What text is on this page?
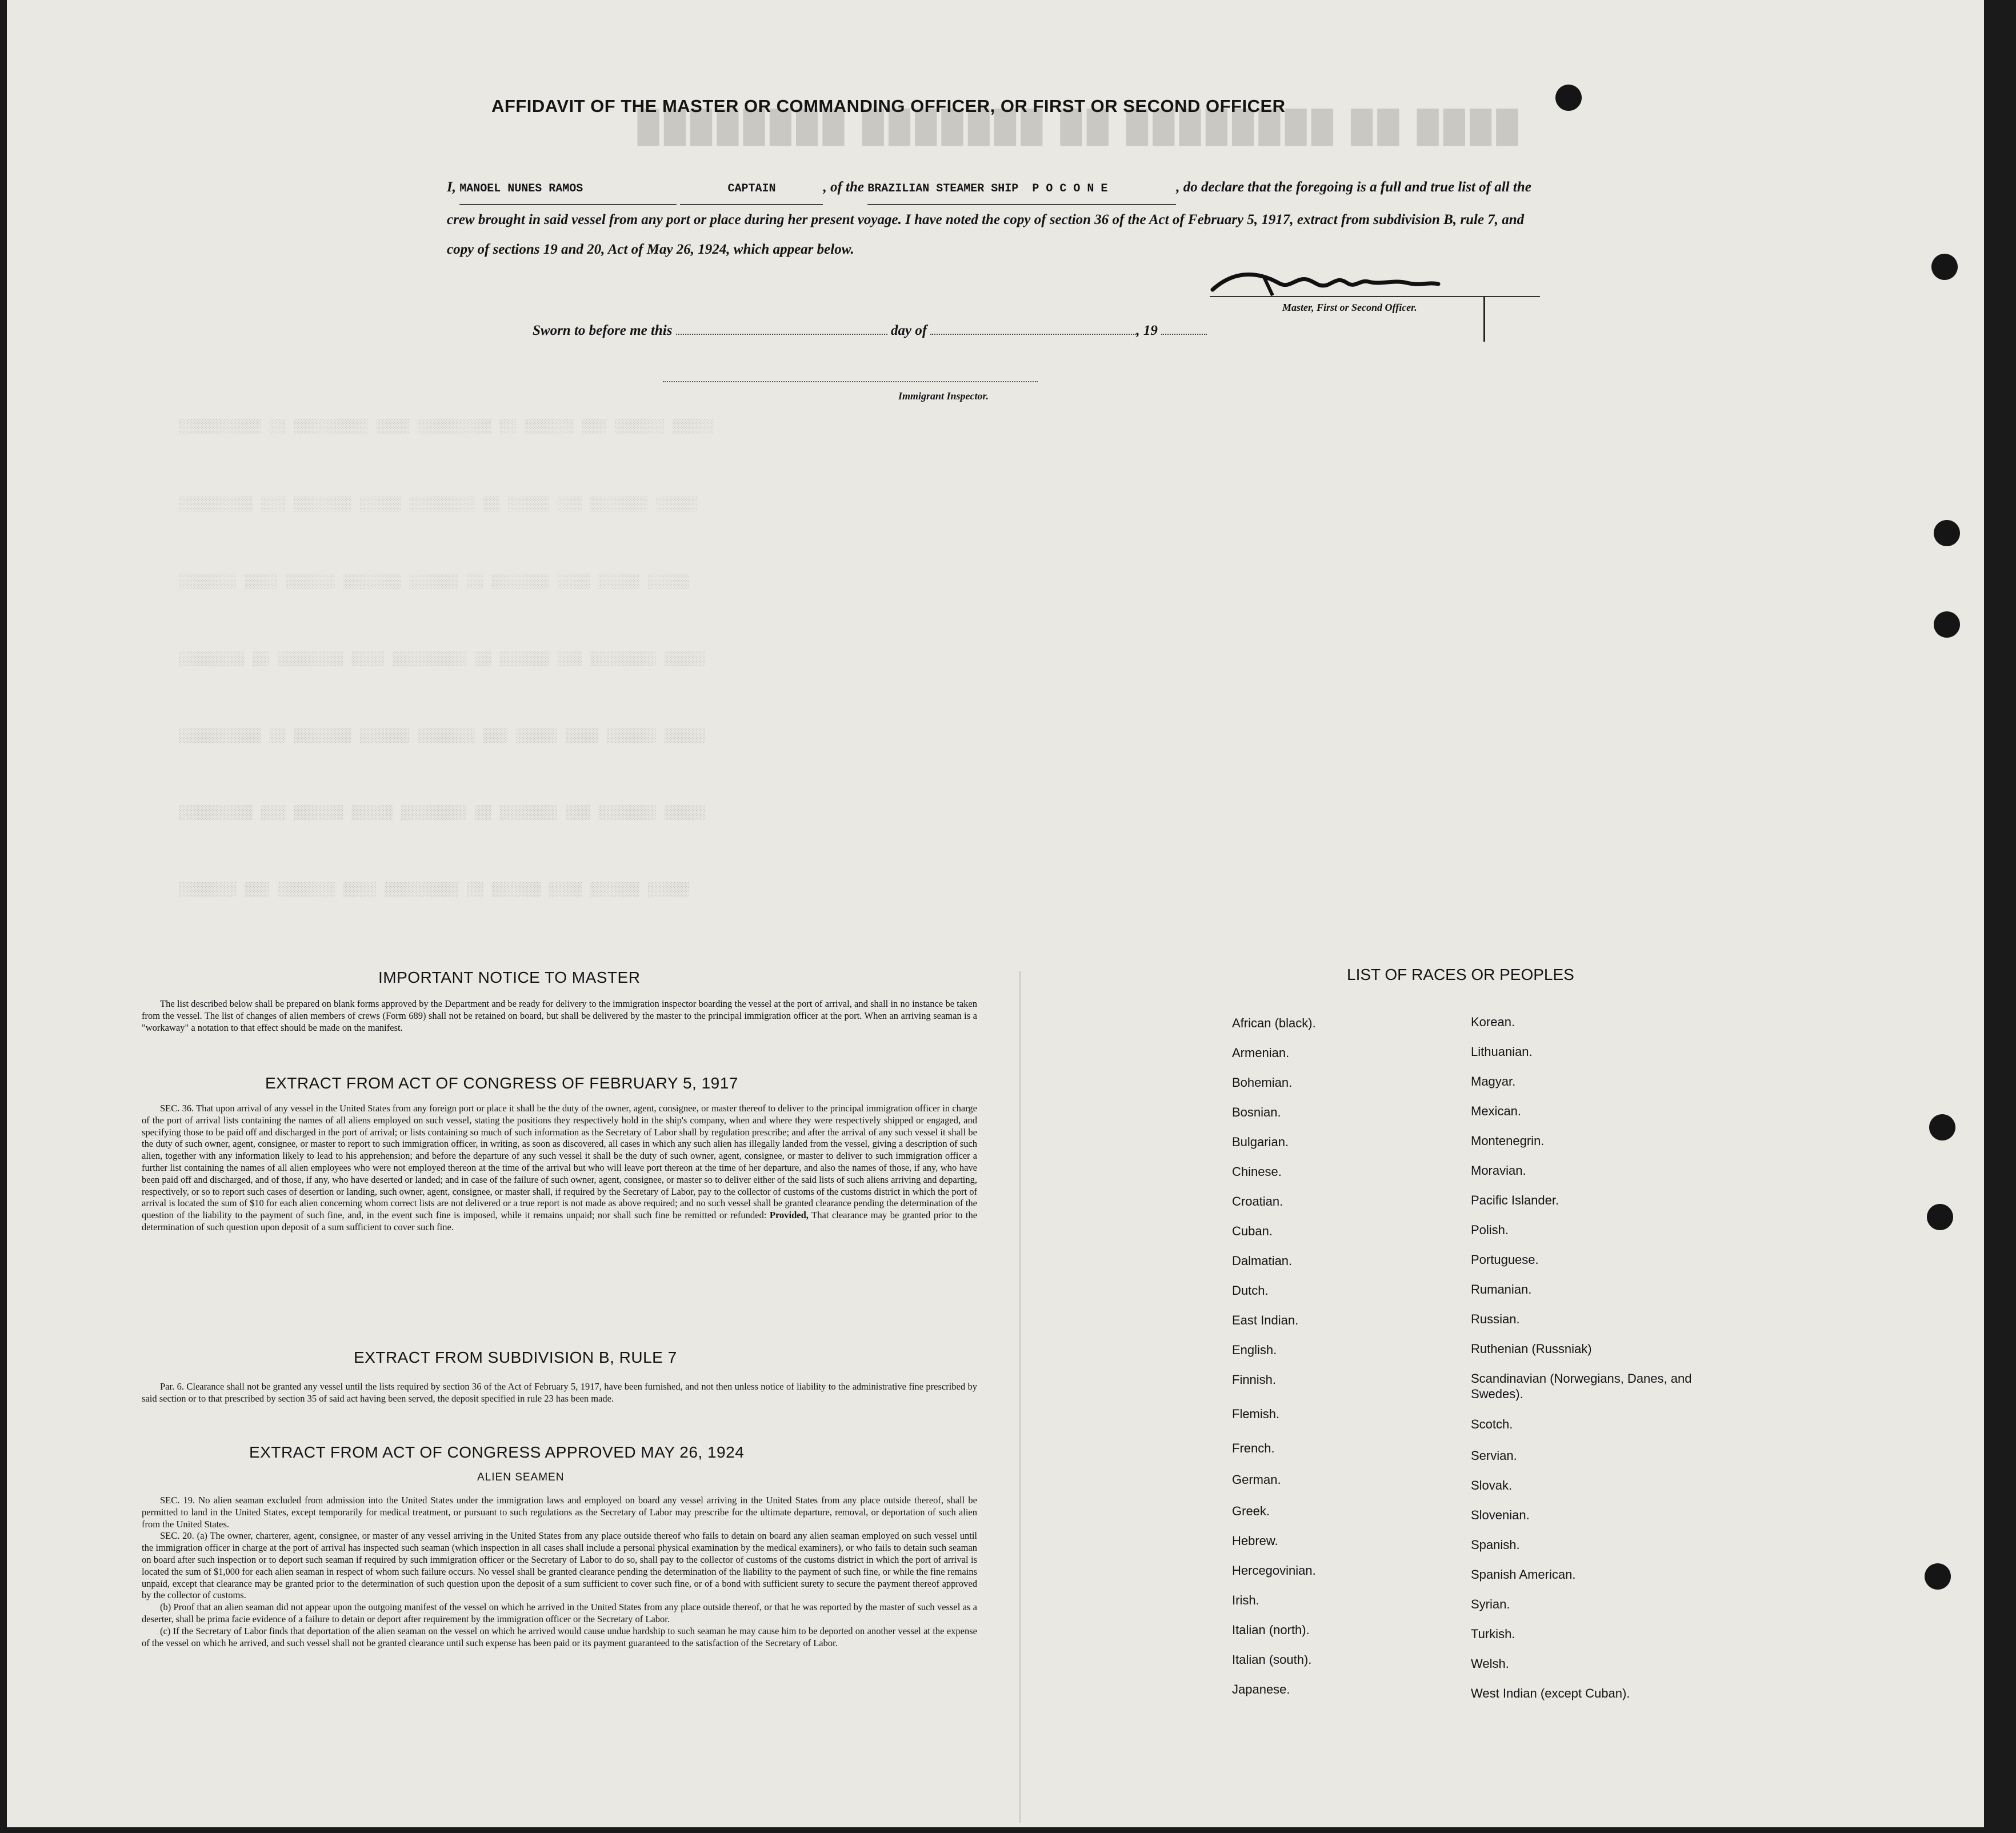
████ ██ ████████ ██ ███████ ████████
░░░░░ ░░░░░░ ░░░ ░░░░░░ ░░ ░░░░░░░░░ ░░░░ ░░░░░░░░░ ░░ ░░░░░░░░░░
░░░░░ ░░░░░░░ ░░░ ░░░░░ ░░ ░░░░░░░░ ░░░░░ ░░░░░░░ ░░░ ░░░░░░░░░
░░░░░ ░░░░░ ░░░░ ░░░░░░░ ░░ ░░░░░░ ░░░░░░░ ░░░░░░ ░░░░ ░░░░░░░
░░░░░ ░░░░░░░░ ░░░ ░░░░░░ ░░ ░░░░░░░░░ ░░░░ ░░░░░░░░ ░░ ░░░░░░░░
░░░░░ ░░░░░░ ░░░░ ░░░░░ ░░░ ░░░░░░░ ░░░░░░ ░░░░░░░ ░░ ░░░░░░░░░░
░░░░░ ░░░░░░░ ░░░ ░░░░░░░ ░░ ░░░░░░░░ ░░░░░ ░░░░░░ ░░░ ░░░░░░░░░
░░░░░ ░░░░░░ ░░░░ ░░░░░░ ░░ ░░░░░░░░░ ░░░░ ░░░░░░░ ░░░ ░░░░░░░
AFFIDAVIT OF THE MASTER OR COMMANDING OFFICER, OR FIRST OR SECOND OFFICER
I, MANOEL NUNES RAMOS	CAPTAIN	, of the BRAZILIAN STEAMER SHIP P O C O N E	, do declare that the foregoing is a full and true list of all the crew brought in said vessel from any port or place during her present voyage. I have noted the copy of section 36 of the Act of February 5, 1917, extract from subdivision B, rule 7, and copy of sections 19 and 20, Act of May 26, 1924, which appear below.
Master, First or Second Officer.
Sworn to before me this	day of	, 19
Immigrant Inspector.
IMPORTANT NOTICE TO MASTER
The list described below shall be prepared on blank forms approved by the Department and be ready for delivery to the immigration inspector boarding the vessel at the port of arrival, and shall in no instance be taken from the vessel. The list of changes of alien members of crews (Form 689) shall not be retained on board, but shall be delivered by the master to the principal immigration officer at the port. When an arriving seaman is a "workaway" a notation to that effect should be made on the manifest.
EXTRACT FROM ACT OF CONGRESS OF FEBRUARY 5, 1917
SEC. 36. That upon arrival of any vessel in the United States from any foreign port or place it shall be the duty of the owner, agent, consignee, or master thereof to deliver to the principal immigration officer in charge of the port of arrival lists containing the names of all aliens employed on such vessel, stating the positions they respectively hold in the ship's company, when and where they were respectively shipped or engaged, and specifying those to be paid off and discharged in the port of arrival; or lists containing so much of such information as the Secretary of Labor shall by regulation prescribe; and after the arrival of any such vessel it shall be the duty of such owner, agent, consignee, or master to report to such immigration officer, in writing, as soon as discovered, all cases in which any such alien has illegally landed from the vessel, giving a description of such alien, together with any information likely to lead to his apprehension; and before the departure of any such vessel it shall be the duty of such owner, agent, consignee, or master to deliver to such immigration officer a further list containing the names of all alien employees who were not employed thereon at the time of the arrival but who will leave port thereon at the time of her departure, and also the names of those, if any, who have been paid off and discharged, and of those, if any, who have deserted or landed; and in case of the failure of such owner, agent, consignee, or master so to deliver either of the said lists of such aliens arriving and departing, respectively, or so to report such cases of desertion or landing, such owner, agent, consignee, or master shall, if required by the Secretary of Labor, pay to the collector of customs of the customs district in which the port of arrival is located the sum of $10 for each alien concerning whom correct lists are not delivered or a true report is not made as above required; and no such vessel shall be granted clearance pending the determination of the question of the liability to the payment of such fine, and, in the event such fine is imposed, while it remains unpaid; nor shall such fine be remitted or refunded: Provided, That clearance may be granted prior to the determination of such question upon deposit of a sum sufficient to cover such fine.
EXTRACT FROM SUBDIVISION B, RULE 7
Par. 6. Clearance shall not be granted any vessel until the lists required by section 36 of the Act of February 5, 1917, have been furnished, and not then unless notice of liability to the administrative fine prescribed by said section or to that prescribed by section 35 of said act having been served, the deposit specified in rule 23 has been made.
EXTRACT FROM ACT OF CONGRESS APPROVED MAY 26, 1924
ALIEN SEAMEN

SEC. 19. No alien seaman excluded from admission into the United States under the immigration laws and employed on board any vessel arriving in the United States from any place outside thereof, shall be permitted to land in the United States, except temporarily for medical treatment, or pursuant to such regulations as the Secretary of Labor may prescribe for the ultimate departure, removal, or deportation of such alien from the United States.

SEC. 20. (a) The owner, charterer, agent, consignee, or master of any vessel arriving in the United States from any place outside thereof who fails to detain on board any alien seaman employed on such vessel until the immigration officer in charge at the port of arrival has inspected such seaman (which inspection in all cases shall include a personal physical examination by the medical examiners), or who fails to detain such seaman on board after such inspection or to deport such seaman if required by such immigration officer or the Secretary of Labor to do so, shall pay to the collector of customs of the customs district in which the port of arrival is located the sum of $1,000 for each alien seaman in respect of whom such failure occurs. No vessel shall be granted clearance pending the determination of the liability to the payment of such fine, or while the fine remains unpaid, except that clearance may be granted prior to the determination of such question upon the deposit of a sum sufficient to cover such fine, or of a bond with sufficient surety to secure the payment thereof approved by the collector of customs.

(b) Proof that an alien seaman did not appear upon the outgoing manifest of the vessel on which he arrived in the United States from any place outside thereof, or that he was reported by the master of such vessel as a deserter, shall be prima facie evidence of a failure to detain or deport after requirement by the immigration officer or the Secretary of Labor.

(c) If the Secretary of Labor finds that deportation of the alien seaman on the vessel on which he arrived would cause undue hardship to such seaman he may cause him to be deported on another vessel at the expense of the vessel on which he arrived, and such vessel shall not be granted clearance until such expense has been paid or its payment guaranteed to the satisfaction of the Secretary of Labor.

LIST OF RACES OR PEOPLES
African (black).
Armenian.
Bohemian.
Bosnian.
Bulgarian.
Chinese.
Croatian.
Cuban.
Dalmatian.
Dutch.
East Indian.
English.
Finnish.
Flemish.
French.
German.
Greek.
Hebrew.
Hercegovinian.
Irish.
Italian (north).
Italian (south).
Japanese.
Korean.
Lithuanian.
Magyar.
Mexican.
Montenegrin.
Moravian.
Pacific Islander.
Polish.
Portuguese.
Rumanian.
Russian.
Ruthenian (Russniak)
Scandinavian (Norwegians, Danes, and Swedes).
Scotch.
Servian.
Slovak.
Slovenian.
Spanish.
Spanish American.
Syrian.
Turkish.
Welsh.
West Indian (except Cuban).
